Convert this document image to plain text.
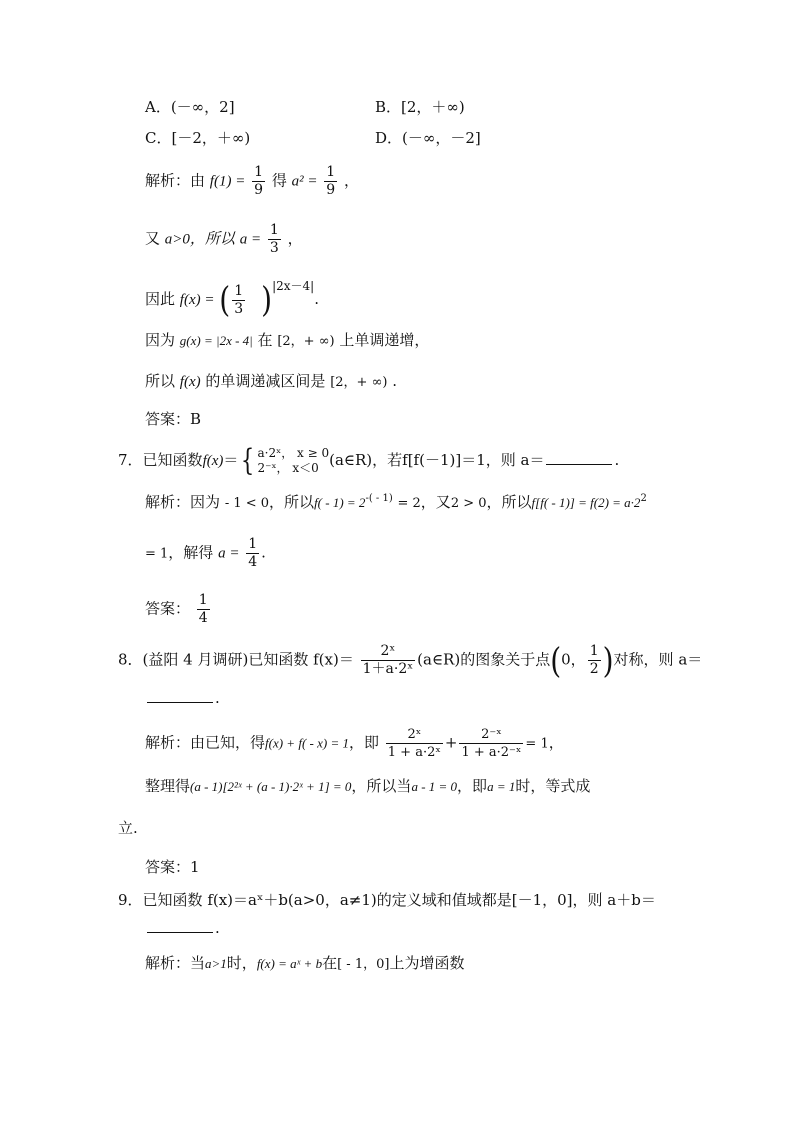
A．(－∞，2]	B．[2，＋∞)
C．[－2，＋∞)	D．(－∞，－2]
解析：由 $f(1) = \frac{1}{9}$ 得 $a^2 = \frac{1}{9}$ ，
又 a>0，所以 $a = \frac{1}{3}$ ，
因此 f(x) = ( $\frac{1}{3} )^{|2x-4|}$.
因为 g(x) = |2x - 4| 在 [2，+ ∞) 上单调递增，
所以 f(x) 的单调递减区间是 [2，+ ∞) .
答案：B
7．已知函数f(x)＝{ a·2ˣ， x ≥ 0
2⁻ˣ， x＜0 (a∈R)，若f[f(－1)]＝1，则 a＝	.
解析：因为 - 1 < 0，所以$f( - 1) = 2^{-( - 1)} = 2$，又2 > 0，所以$f[f( - 1)] = f(2) = a\cdot 2^2$
= 1，解得 $a = \frac{1}{4}$ .
答案： $\frac{1}{4}$
8．(益阳 4 月调研)已知函数 $f(x)= \frac{\text{2ˣ}}{\text{1＋a·2ˣ}}$ (a∈R)的图象关于点(0， $\frac{1}{2}$ )对称，则 a＝
.
解析：由已知，得f(x) + f( - x) = 1，即 $\frac{\text{2ˣ}}{\text{1 + a·2ˣ}} + \frac{\text{2⁻ˣ}}{\text{1 + a·2⁻ˣ}} = 1$，
整理得(a - 1)[2²ˣ + (a - 1)·2ˣ + 1] = 0，所以当a - 1 = 0，即a = 1时，等式成
立.
答案：1
9．已知函数 f(x)＝aˣ＋b(a>0，a≠1)的定义域和值域都是[－1，0]，则 a＋b＝
.
解析：当a>1时，f(x) = aˣ + b在[ - 1，0]上为增函数
